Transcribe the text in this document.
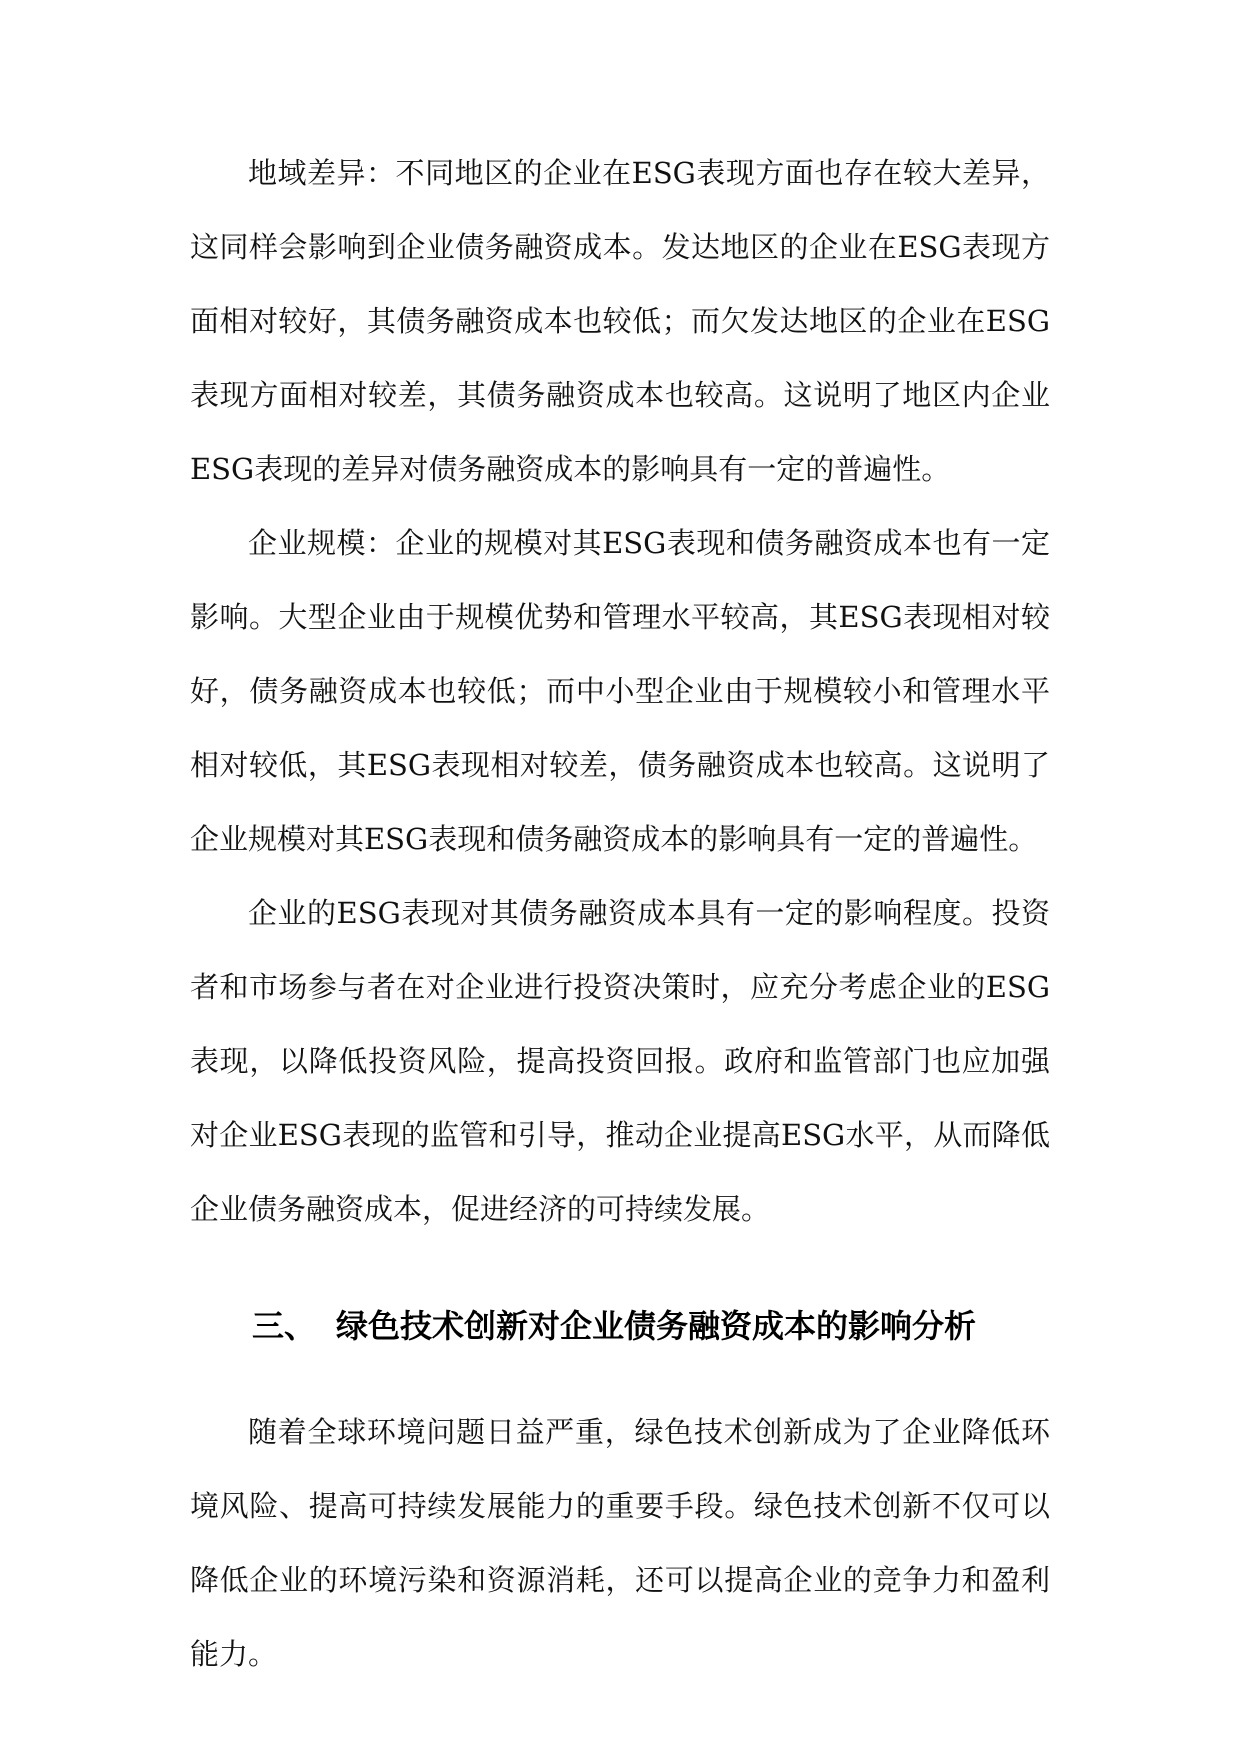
地域差异：不同地区的企业在ESG表现方面也存在较大差异，这同样会影响到企业债务融资成本。发达地区的企业在ESG表现方面相对较好，其债务融资成本也较低；而欠发达地区的企业在ESG表现方面相对较差，其债务融资成本也较高。这说明了地区内企业ESG表现的差异对债务融资成本的影响具有一定的普遍性。

企业规模：企业的规模对其ESG表现和债务融资成本也有一定影响。大型企业由于规模优势和管理水平较高，其ESG表现相对较好，债务融资成本也较低；而中小型企业由于规模较小和管理水平相对较低，其ESG表现相对较差，债务融资成本也较高。这说明了企业规模对其ESG表现和债务融资成本的影响具有一定的普遍性。

企业的ESG表现对其债务融资成本具有一定的影响程度。投资者和市场参与者在对企业进行投资决策时，应充分考虑企业的ESG表现，以降低投资风险，提高投资回报。政府和监管部门也应加强对企业ESG表现的监管和引导，推动企业提高ESG水平，从而降低企业债务融资成本，促进经济的可持续发展。

三、 绿色技术创新对企业债务融资成本的影响分析

随着全球环境问题日益严重，绿色技术创新成为了企业降低环境风险、提高可持续发展能力的重要手段。绿色技术创新不仅可以降低企业的环境污染和资源消耗，还可以提高企业的竞争力和盈利能力。
